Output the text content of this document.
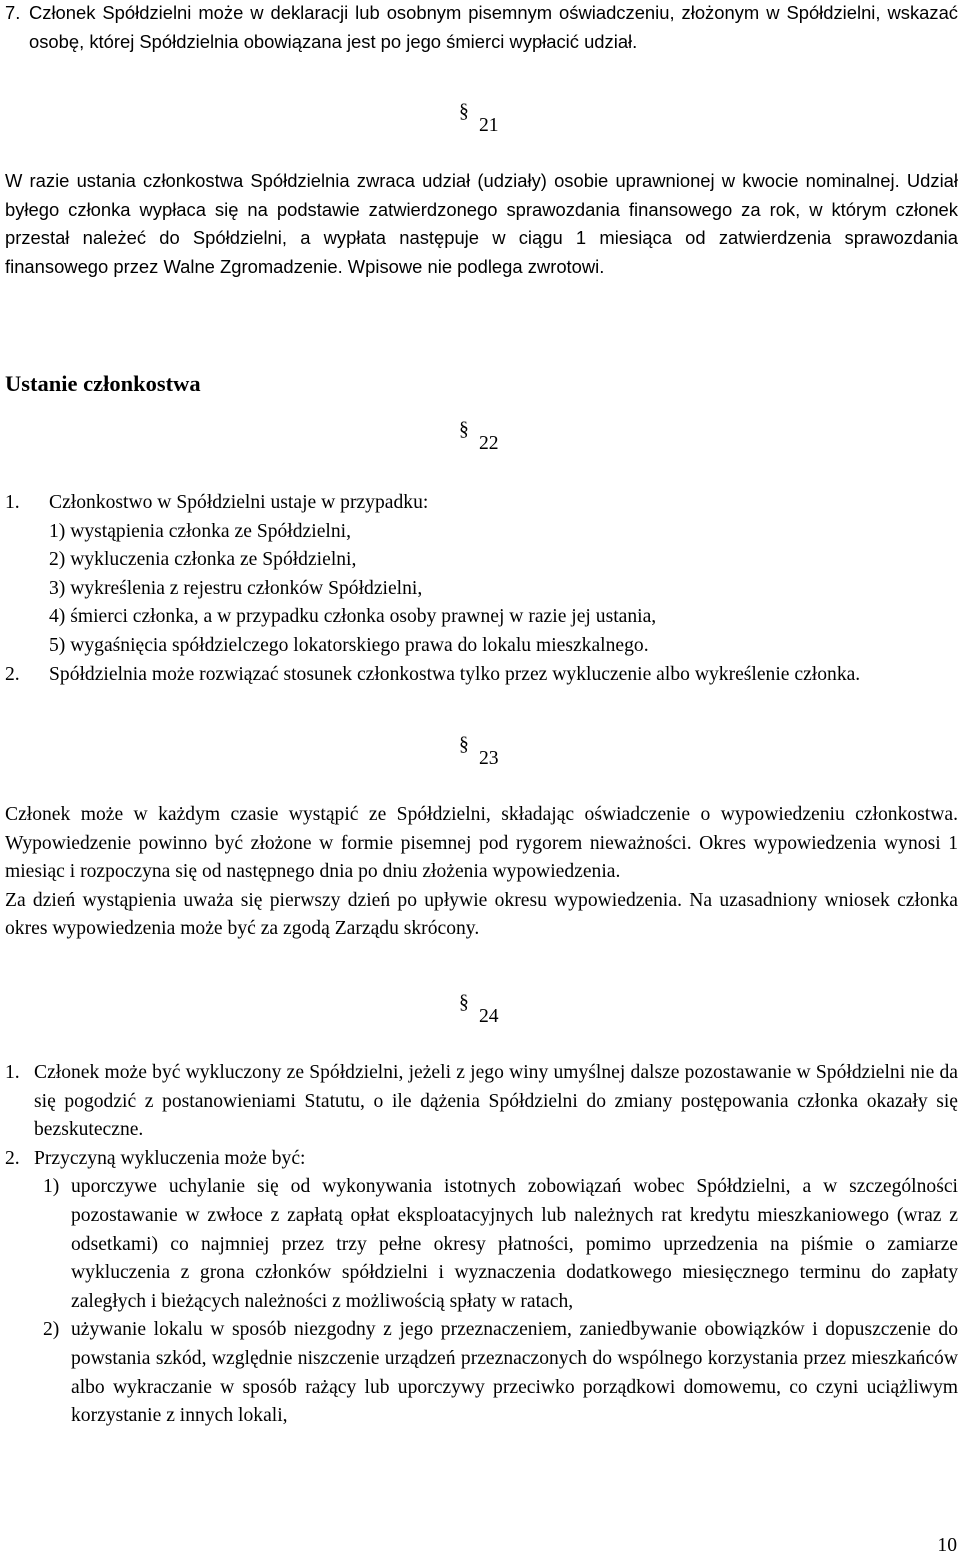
7. Członek Spółdzielni może w deklaracji lub osobnym pisemnym oświadczeniu, złożonym w Spółdzielni, wskazać osobę, której Spółdzielnia obowiązana jest po jego śmierci wypłacić udział.
§
21
W razie ustania członkostwa Spółdzielnia zwraca udział (udziały) osobie uprawnionej w kwocie nominalnej. Udział byłego członka wypłaca się na podstawie zatwierdzonego sprawozdania finansowego za rok, w którym członek przestał należeć do Spółdzielni, a wypłata następuje w ciągu 1 miesiąca od zatwierdzenia sprawozdania finansowego przez Walne Zgromadzenie. Wpisowe nie podlega zwrotowi.
Ustanie członkostwa
§
22
1.	Członkostwo w Spółdzielni ustaje w przypadku:
1) wystąpienia członka ze Spółdzielni,
2) wykluczenia członka ze Spółdzielni,
3) wykreślenia z rejestru członków Spółdzielni,
4) śmierci członka, a w przypadku członka osoby prawnej w razie jej ustania,
5) wygaśnięcia spółdzielczego lokatorskiego prawa do lokalu mieszkalnego.
2.	Spółdzielnia może rozwiązać stosunek członkostwa tylko przez wykluczenie albo wykreślenie członka.
§
23
Członek może w każdym czasie wystąpić ze Spółdzielni, składając oświadczenie o wypowiedzeniu członkostwa. Wypowiedzenie powinno być złożone w formie pisemnej pod rygorem nieważności. Okres wypowiedzenia wynosi 1 miesiąc i rozpoczyna się od następnego dnia po dniu złożenia wypowiedzenia.
Za dzień wystąpienia uważa się pierwszy dzień po upływie okresu wypowiedzenia. Na uzasadniony wniosek członka okres wypowiedzenia może być za zgodą Zarządu skrócony.
§
24
1. Członek może być wykluczony ze Spółdzielni, jeżeli z jego winy umyślnej dalsze pozostawanie w Spółdzielni nie da się pogodzić z postanowieniami Statutu, o ile dążenia Spółdzielni do zmiany postępowania członka okazały się bezskuteczne.
2. Przyczyną wykluczenia może być:
1) uporczywe uchylanie się od wykonywania istotnych zobowiązań wobec Spółdzielni, a w szczególności pozostawanie w zwłoce z zapłatą opłat eksploatacyjnych lub należnych rat kredytu mieszkaniowego (wraz z odsetkami) co najmniej przez trzy pełne okresy płatności, pomimo uprzedzenia na piśmie o zamiarze wykluczenia z grona członków spółdzielni i wyznaczenia dodatkowego miesięcznego terminu do zapłaty zaległych i bieżących należności z możliwością spłaty w ratach,
2) używanie lokalu w sposób niezgodny z jego przeznaczeniem, zaniedbywanie obowiązków i dopuszczenie do powstania szkód, względnie niszczenie urządzeń przeznaczonych do wspólnego korzystania przez mieszkańców albo wykraczanie w sposób rażący lub uporczywy przeciwko porządkowi domowemu, co czyni uciążliwym korzystanie z innych lokali,
10
